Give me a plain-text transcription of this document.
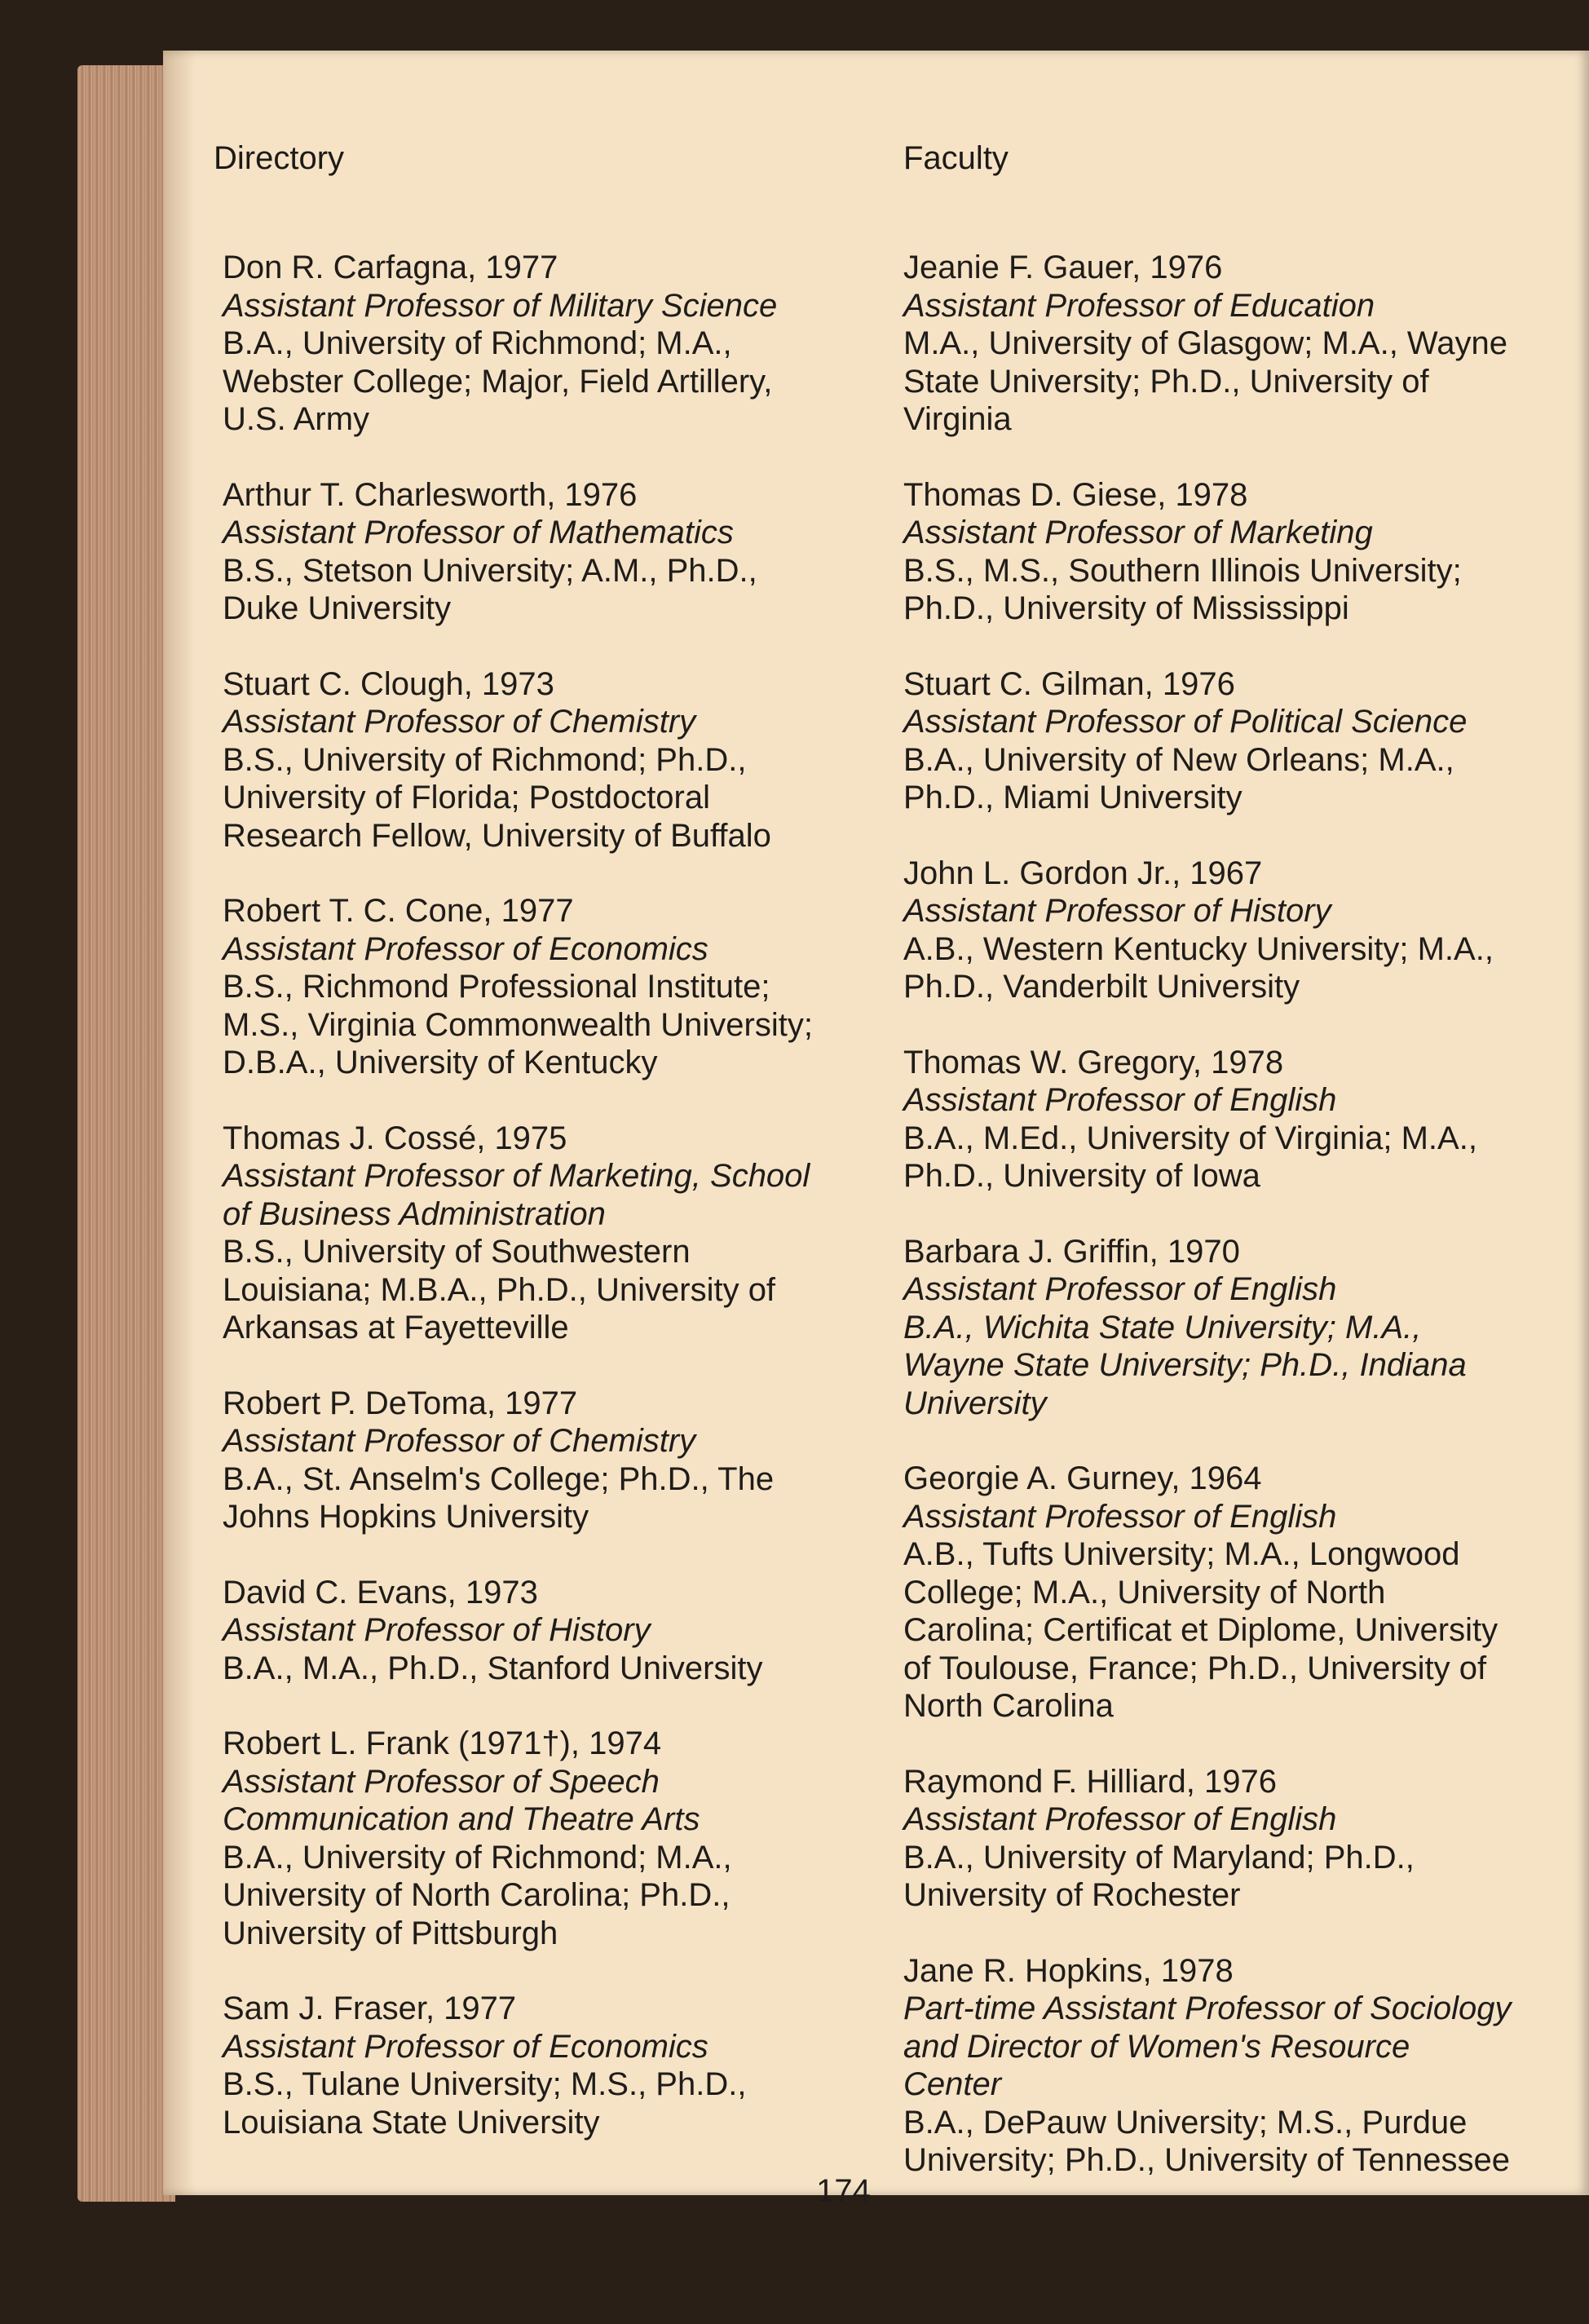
Directory	Faculty
Don R. Carfagna, 1977
Assistant Professor of Military Science
B.A., University of Richmond; M.A.,
Webster College; Major, Field Artillery,
U.S. Army
Arthur T. Charlesworth, 1976
Assistant Professor of Mathematics
B.S., Stetson University; A.M., Ph.D.,
Duke University
Stuart C. Clough, 1973
Assistant Professor of Chemistry
B.S., University of Richmond; Ph.D.,
University of Florida; Postdoctoral
Research Fellow, University of Buffalo
Robert T. C. Cone, 1977
Assistant Professor of Economics
B.S., Richmond Professional Institute;
M.S., Virginia Commonwealth University;
D.B.A., University of Kentucky
Thomas J. Cossé, 1975
Assistant Professor of Marketing, School
of Business Administration
B.S., University of Southwestern
Louisiana; M.B.A., Ph.D., University of
Arkansas at Fayetteville
Robert P. DeToma, 1977
Assistant Professor of Chemistry
B.A., St. Anselm's College; Ph.D., The
Johns Hopkins University
David C. Evans, 1973
Assistant Professor of History
B.A., M.A., Ph.D., Stanford University
Robert L. Frank (1971†), 1974
Assistant Professor of Speech
Communication and Theatre Arts
B.A., University of Richmond; M.A.,
University of North Carolina; Ph.D.,
University of Pittsburgh
Sam J. Fraser, 1977
Assistant Professor of Economics
B.S., Tulane University; M.S., Ph.D.,
Louisiana State University
Jeanie F. Gauer, 1976
Assistant Professor of Education
M.A., University of Glasgow; M.A., Wayne
State University; Ph.D., University of
Virginia
Thomas D. Giese, 1978
Assistant Professor of Marketing
B.S., M.S., Southern Illinois University;
Ph.D., University of Mississippi
Stuart C. Gilman, 1976
Assistant Professor of Political Science
B.A., University of New Orleans; M.A.,
Ph.D., Miami University
John L. Gordon Jr., 1967
Assistant Professor of History
A.B., Western Kentucky University; M.A.,
Ph.D., Vanderbilt University
Thomas W. Gregory, 1978
Assistant Professor of English
B.A., M.Ed., University of Virginia; M.A.,
Ph.D., University of Iowa
Barbara J. Griffin, 1970
Assistant Professor of English
B.A., Wichita State University; M.A.,
Wayne State University; Ph.D., Indiana
University
Georgie A. Gurney, 1964
Assistant Professor of English
A.B., Tufts University; M.A., Longwood
College; M.A., University of North
Carolina; Certificat et Diplome, University
of Toulouse, France; Ph.D., University of
North Carolina
Raymond F. Hilliard, 1976
Assistant Professor of English
B.A., University of Maryland; Ph.D.,
University of Rochester
Jane R. Hopkins, 1978
Part-time Assistant Professor of Sociology
and Director of Women's Resource
Center
B.A., DePauw University; M.S., Purdue
University; Ph.D., University of Tennessee
174
